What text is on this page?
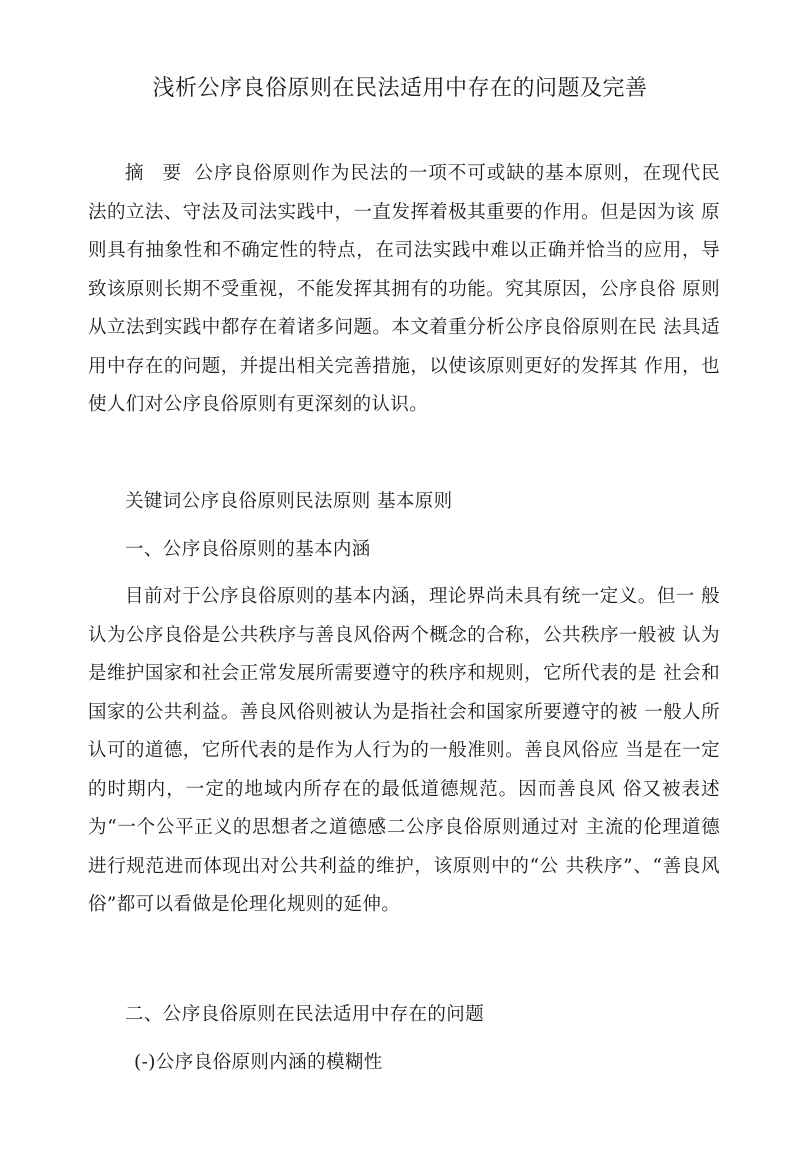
浅析公序良俗原则在民法适用中存在的问题及完善
摘 要 公序良俗原则作为民法的一项不可或缺的基本原则，在现代民 法的立法、守法及司法实践中，一直发挥着极其重要的作用。但是因为该 原则具有抽象性和不确定性的特点，在司法实践中难以正确并恰当的应用，导致该原则长期不受重视，不能发挥其拥有的功能。究其原因，公序良俗 原则从立法到实践中都存在着诸多问题。本文着重分析公序良俗原则在民 法具适用中存在的问题，并提出相关完善措施，以使该原则更好的发挥其 作用，也使人们对公序良俗原则有更深刻的认识。
关键词公序良俗原则民法原则 基本原则
一、公序良俗原则的基本内涵
目前对于公序良俗原则的基本内涵，理论界尚未具有统一定义。但一 般认为公序良俗是公共秩序与善良风俗两个概念的合称，公共秩序一般被 认为是维护国家和社会正常发展所需要遵守的秩序和规则，它所代表的是 社会和国家的公共利益。善良风俗则被认为是指社会和国家所要遵守的被 一般人所认可的道德，它所代表的是作为人行为的一般准则。善良风俗应 当是在一定的时期内，一定的地域内所存在的最低道德规范。因而善良风 俗又被表述为“一个公平正义的思想者之道德感二公序良俗原则通过对 主流的伦理道德进行规范进而体现出对公共利益的维护，该原则中的“公 共秩序”、“善良风俗”都可以看做是伦理化规则的延伸。
二、公序良俗原则在民法适用中存在的问题
(-)公序良俗原则内涵的模糊性
